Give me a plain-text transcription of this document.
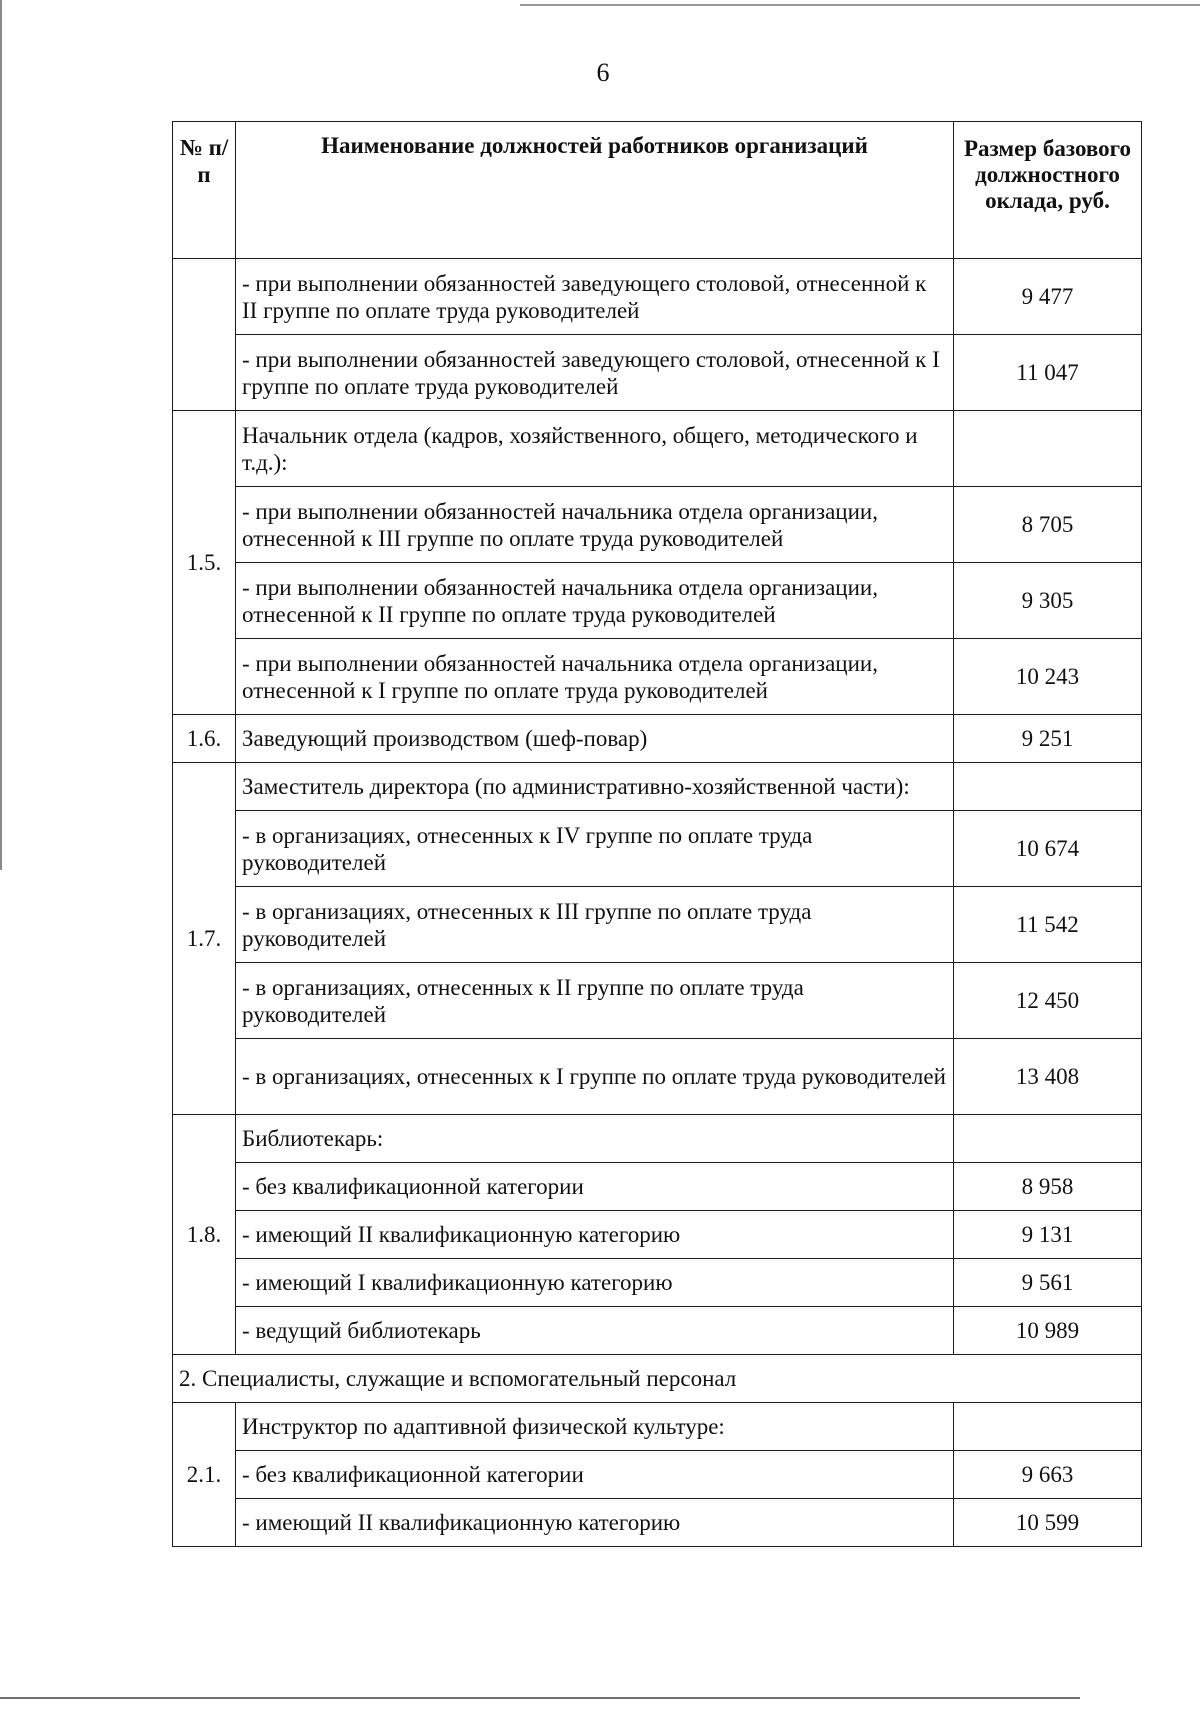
6
№ п/п	Наименование должностей работников организаций	Размер базового должностного оклада, руб.
	- при выполнении обязанностей заведующего столовой, отнесенной к II группе по оплате труда руководителей	9 477
	- при выполнении обязанностей заведующего столовой, отнесенной к I группе по оплате труда руководителей	11 047
1.5.	Начальник отдела (кадров, хозяйственного, общего, методического и т.д.):	
	- при выполнении обязанностей начальника отдела организации, отнесенной к III группе по оплате труда руководителей	8 705
	- при выполнении обязанностей начальника отдела организации, отнесенной к II группе по оплате труда руководителей	9 305
	- при выполнении обязанностей начальника отдела организации, отнесенной к I группе по оплате труда руководителей	10 243
1.6.	Заведующий производством (шеф-повар)	9 251
1.7.	Заместитель директора (по административно-хозяйственной части):	
	- в организациях, отнесенных к IV группе по оплате труда руководителей	10 674
	- в организациях, отнесенных к III группе по оплате труда руководителей	11 542
	- в организациях, отнесенных к II группе по оплате труда руководителей	12 450
	- в организациях, отнесенных к I группе по оплате труда руководителей	13 408
1.8.	Библиотекарь:	
	- без квалификационной категории	8 958
	- имеющий II квалификационную категорию	9 131
	- имеющий I квалификационную категорию	9 561
	- ведущий библиотекарь	10 989
2. Специалисты, служащие и вспомогательный персонал		
2.1.	Инструктор по адаптивной физической культуре:	
	- без квалификационной категории	9 663
	- имеющий II квалификационную категорию	10 599
